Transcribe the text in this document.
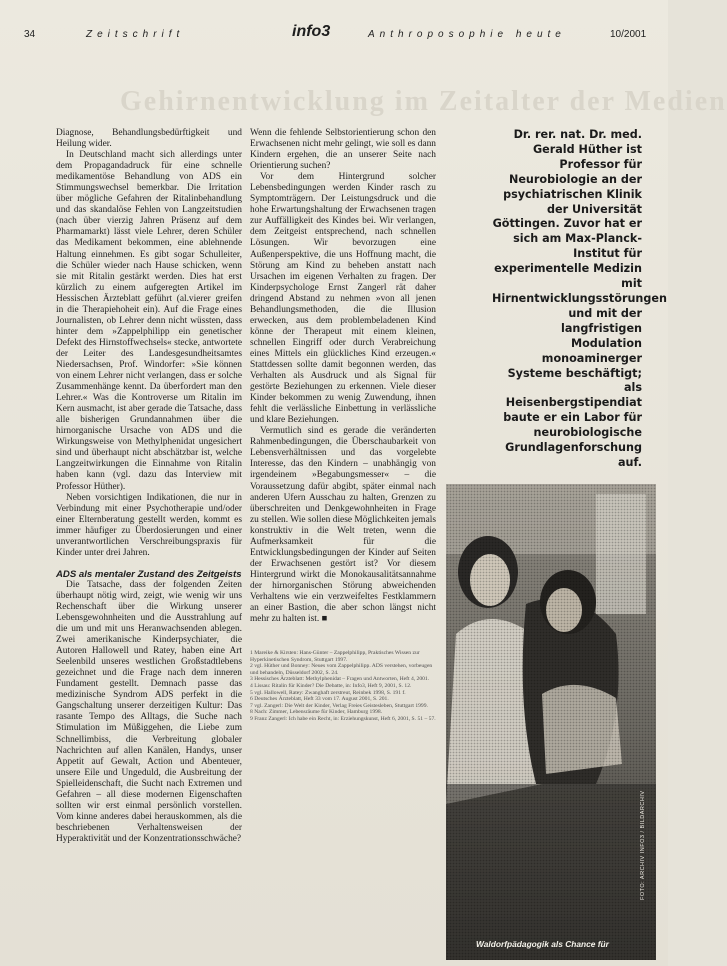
34	Zeitschrift	info3	Anthroposophie heute	10/2001
Gehirnentwicklung im Zeitalter der Medien

Diagnose, Behandlungsbedürftigkeit und Heilung wider.

In Deutschland macht sich allerdings unter dem Propagandadruck für eine schnelle medikamentöse Behandlung von ADS ein Stimmungswechsel bemerkbar. Die Irritation über mögliche Gefahren der Ritalinbehandlung und das skandalöse Fehlen von Langzeitstudien (nach über vierzig Jahren Präsenz auf dem Pharmamarkt) lässt viele Lehrer, deren Schüler das Medikament bekommen, eine ablehnende Haltung einnehmen. Es gibt sogar Schulleiter, die Schüler wieder nach Hause schicken, wenn sie mit Ritalin gestärkt werden. Dies hat erst kürzlich zu einem aufgeregten Artikel im Hessischen Ärzteblatt geführt (al.vierer greifen in die Therapiehoheit ein). Auf die Frage eines Journalisten, ob Lehrer denn nicht wüssten, dass hinter dem »Zappelphilipp ein genetischer Defekt des Hirnstoffwechsels« stecke, antwortete der Leiter des Landesgesundheitsamtes Niedersachsen, Prof. Windorfer: »Sie können von einem Lehrer nicht verlangen, dass er solche Zusammenhänge kennt. Da überfordert man den Lehrer.« Was die Kontroverse um Ritalin im Kern ausmacht, ist aber gerade die Tatsache, dass alle bisherigen Grundannahmen über die hirnorganische Ursache von ADS und die Wirkungsweise von Methylphenidat ungesichert sind und überhaupt nicht abschätzbar ist, welche Langzeitwirkungen die Einnahme von Ritalin haben kann (vgl. dazu das Interview mit Professor Hüther).

Neben vorsichtigen Indikationen, die nur in Verbindung mit einer Psychotherapie und/oder einer Elternberatung gestellt werden, kommt es immer häufiger zu Überdosierungen und einer unverantwortlichen Verschreibungspraxis für Kinder unter drei Jahren.

ADS als mentaler Zustand des Zeitgeists

Die Tatsache, dass der folgenden Zeiten überhaupt nötig wird, zeigt, wie wenig wir uns Rechenschaft über die Wirkung unserer Lebensgewohnheiten und die Ausstrahlung auf die um und mit uns Heranwachsenden ablegen. Zwei amerikanische Kinderpsychiater, die Autoren Hallowell und Ratey, haben eine Art Seelenbild unseres westlichen Großstadtlebens gezeichnet und die Frage nach dem inneren Fundament gestellt. Demnach passe das medizinische Syndrom ADS perfekt in die Gangschaltung unserer derzeitigen Kultur: Das rasante Tempo des Alltags, die Suche nach Stimulation im Müßiggehen, die Liebe zum Schnellimbiss, die Verbreitung globaler Nachrichten auf allen Kanälen, Handys, unser Appetit auf Gewalt, Action und Abenteuer, unsere Eile und Ungeduld, die Ausbreitung der Spielleidenschaft, die Sucht nach Extremen und Gefahren – all diese modernen Eigenschaften sollten wir erst einmal persönlich vorstellen. Vom kinne anderes dabei herauskommen, als die beschriebenen Verhaltensweisen der Hyperaktivität und der Konzentrationsschwäche?

Wenn die fehlende Selbstorientierung schon den Erwachsenen nicht mehr gelingt, wie soll es dann Kindern ergehen, die an unserer Seite nach Orientierung suchen?

Vor dem Hintergrund solcher Lebensbedingungen werden Kinder rasch zu Symptomträgern. Der Leistungsdruck und die hohe Erwartungshaltung der Erwachsenen tragen zur Auffälligkeit des Kindes bei. Wir verlangen, dem Zeitgeist entsprechend, nach schnellen Lösungen. Wir bevorzugen eine Außenperspektive, die uns Hoffnung macht, die Störung am Kind zu beheben anstatt nach Ursachen im eigenen Verhalten zu fragen. Der Kinderpsychologe Ernst Zangerl rät daher dringend Abstand zu nehmen »von all jenen Behandlungsmethoden, die die Illusion erwecken, aus dem problembeladenen Kind könne der Therapeut mit einem kleinen, schnellen Eingriff oder durch Verabreichung eines Mittels ein glückliches Kind erzeugen.« Stattdessen sollte damit begonnen werden, das Verhalten als Ausdruck und als Signal für gestörte Beziehungen zu erkennen. Viele dieser Kinder bekommen zu wenig Zuwendung, ihnen fehlt die verlässliche Einbettung in verlässliche und klare Beziehungen.

Vermutlich sind es gerade die veränderten Rahmenbedingungen, die Überschaubarkeit von Lebensverhältnissen und das vorgelebte Interesse, das den Kindern – unabhängig von irgendeinem »Begabungsmesser« – die Voraussetzung dafür abgibt, später einmal nach anderen Ufern Ausschau zu halten, Grenzen zu überschreiten und Denkgewohnheiten in Frage zu stellen. Wie sollen diese Möglichkeiten jemals konstruktiv in die Welt treten, wenn die Aufmerksamkeit für die Entwicklungsbedingungen der Kinder auf Seiten der Erwachsenen gestört ist? Vor diesem Hintergrund wirkt die Monokausalitätsannahme der hirnorganischen Störung abweichenden Verhaltens wie ein verzweifeltes Festklammern an einer Bastion, die aber schon längst nicht mehr zu halten ist. ■

1 Mareike & Kirsten: Hans-Günter – Zappelphilipp, Praktisches Wissen zur Hyperkinetischen Syndrom, Stuttgart 1997.
2 vgl. Hüther und Bonney: Neues vom Zappelphilipp. ADS verstehen, vorbeugen und behandeln, Düsseldorf 2002, S. 24.
3 Hessisches Ärzteblatt: Methylphenidat – Fragen und Antworten, Heft 4, 2001.
4 Lissau: Ritalin für Kinder? Die Debatte, in: Info3, Heft 9, 2001, S. 12.
5 vgl. Hallowell, Ratey: Zwanghaft zerstreut, Reinbek 1998, S. 191 f.
6 Deutsches Ärzteblatt, Heft 33 vom 17. August 2001, S. 201.
7 vgl. Zangerl: Die Welt der Kinder, Verlag Freies Geistesleben, Stuttgart 1999.
8 Nach: Zimmer, Lebensräume für Kinder, Hamburg 1998.
9 Franz Zangerl: Ich habe ein Recht, in: Erziehungskunst, Heft 6, 2001, S. 51 – 57.
Dr. rer. nat. Dr. med. Gerald Hüther ist Professor für Neurobiologie an der psychiatrischen Klinik der Universität Göttingen. Zuvor hat er sich am Max-Planck-Institut für experimentelle Medizin mit Hirnentwicklungsstörungen und mit der langfristigen Modulation monoaminerger Systeme beschäftigt; als Heisenbergstipendiat baute er ein Labor für neurobiologische Grundlagenforschung auf.
FOTO: ARCHIV INFO3 / BILDARCHIV
Waldorfpädagogik als Chance für
